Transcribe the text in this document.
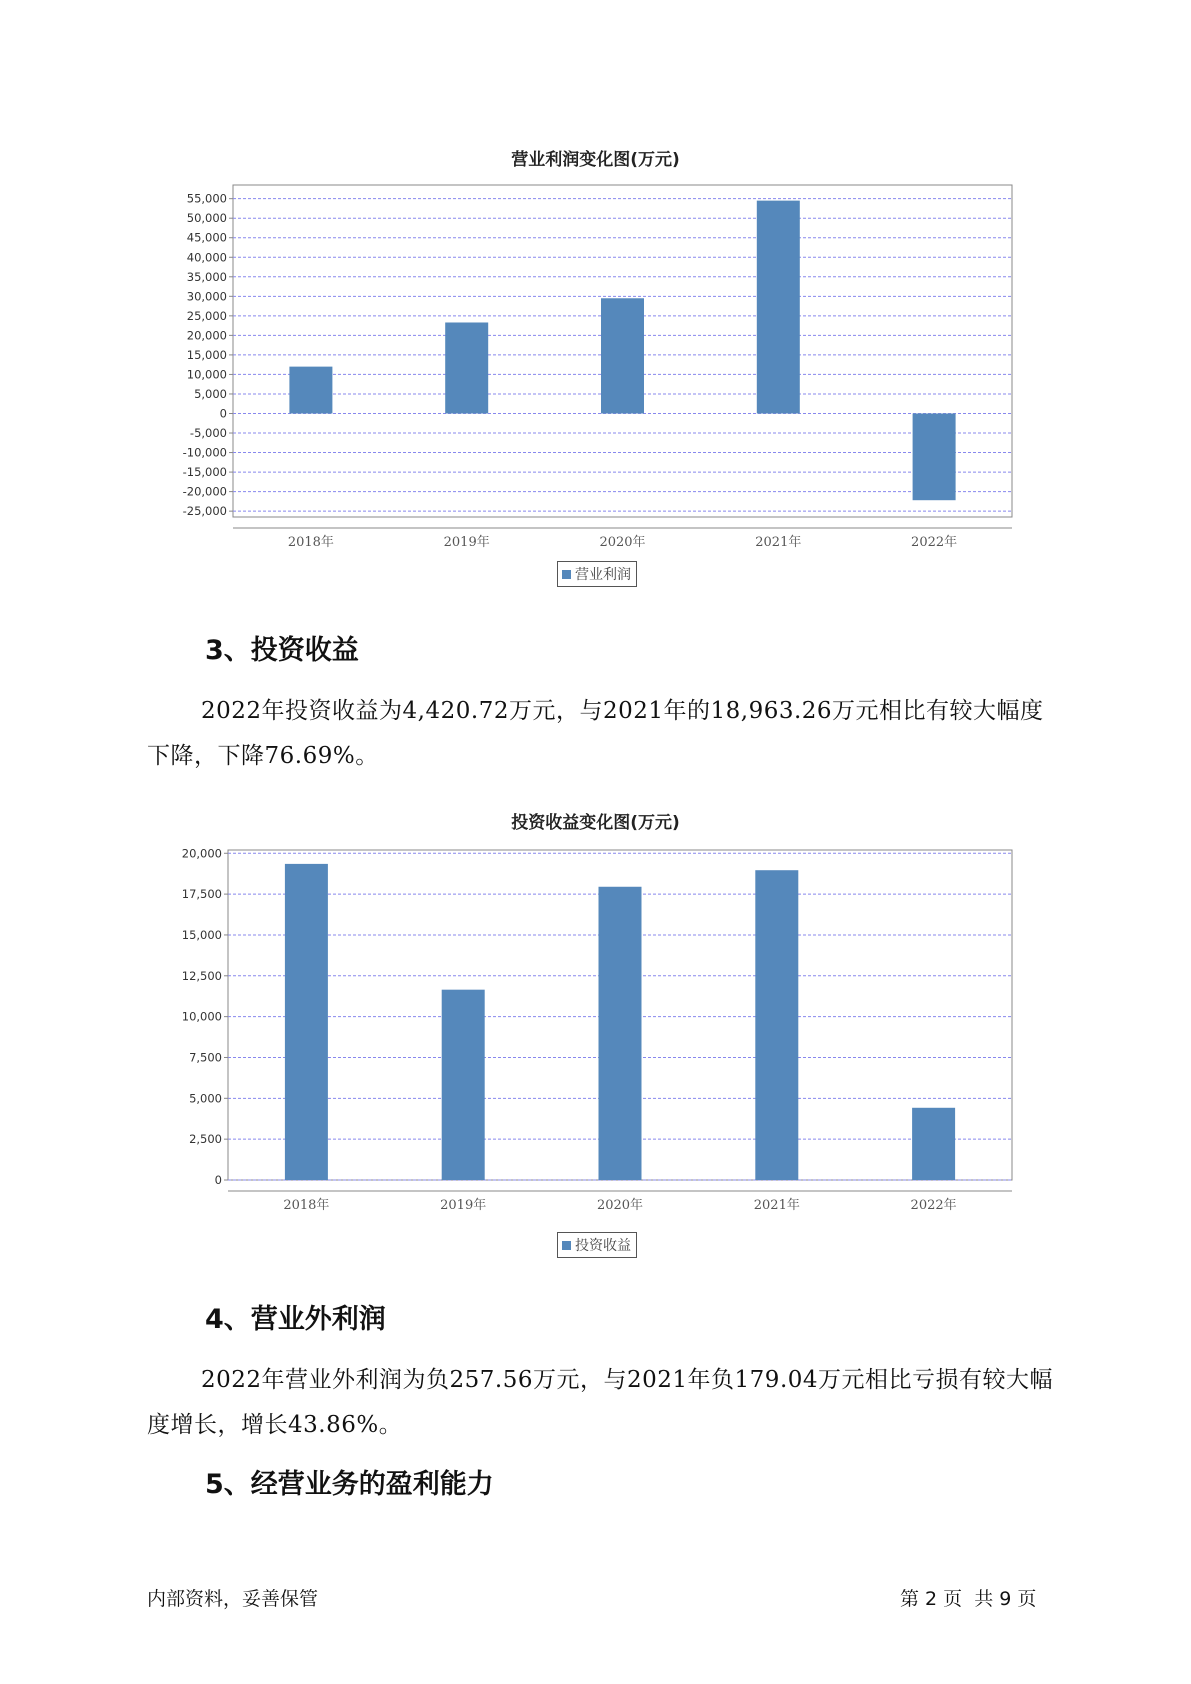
营业利润变化图(万元)
55,000
50,000
45,000
40,000
35,000
30,000
25,000
20,000
15,000
10,000
5,000
0
-5,000
-10,000
-15,000
-20,000
-25,000
2018年	2019年	2020年	2021年	2022年
营业利润
3、投资收益
2022年投资收益为4,420.72万元，与2021年的18,963.26万元相比有较大幅度下降，下降76.69%。
投资收益变化图(万元)
20,000
17,500
15,000
12,500
10,000
7,500
5,000
2,500
0
2018年	2019年	2020年	2021年	2022年
投资收益
4、营业外利润
2022年营业外利润为负257.56万元，与2021年负179.04万元相比亏损有较大幅度增长，增长43.86%。
5、经营业务的盈利能力
内部资料，妥善保管	第 2 页  共 9 页
